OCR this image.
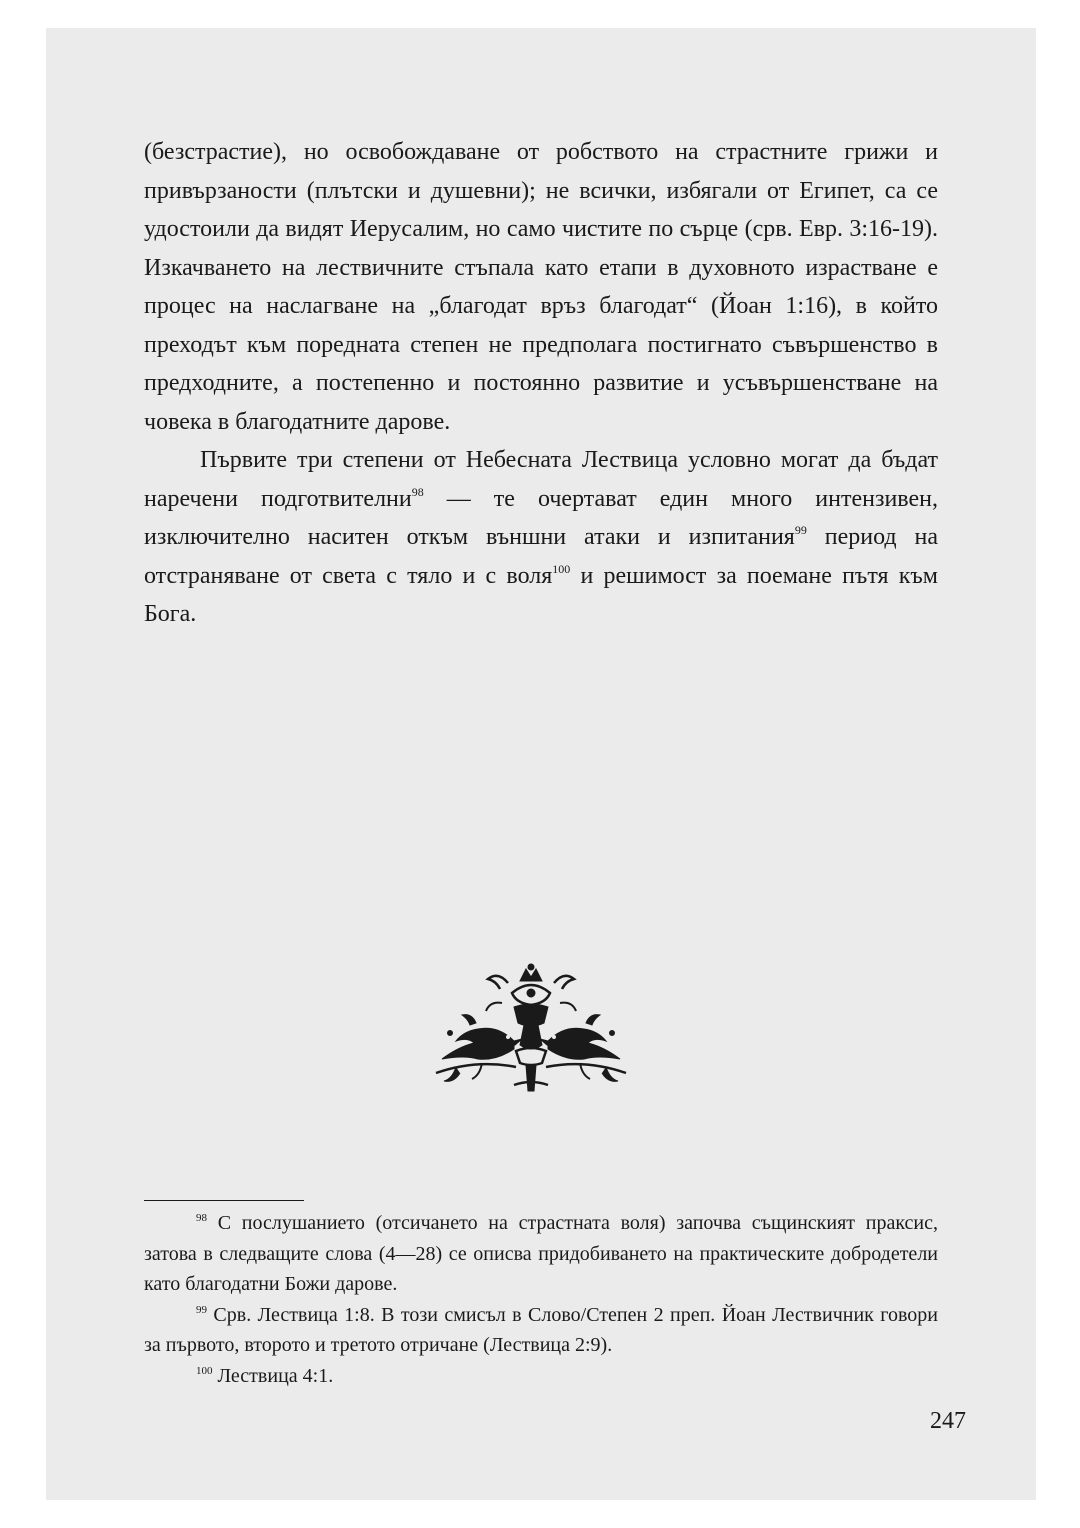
(безстрастие), но освобождаване от робството на страстните грижи и привързаности (плътски и душевни); не всички, избягали от Египет, са се удостоили да видят Иерусалим, но само чистите по сърце (срв. Евр. 3:16-19). Изкачването на лествичните стъпала като етапи в духовното израстване е процес на наслагване на „благодат връз благодат“ (Йоан 1:16), в който преходът към поредната степен не предполага постигнато съвършенство в предходните, а постепенно и постоянно развитие и усъвършенстване на човека в благодатните дарове.

Първите три степени от Небесната Лествица условно могат да бъдат наречени подготвителни$^{98}$ — те очертават един много интензивен, изключително наситен откъм външни атаки и изпитания$^{99}$ период на отстраняване от света с тяло и с воля$^{100}$ и решимост за поемане пътя към Бога.

$^{98}$ С послушанието (отсичането на страстната воля) започва същинският праксис, затова в следващите слова (4—28) се описва придобиването на практическите добродетели като благодатни Божи дарове.

$^{99}$ Срв. Лествица 1:8. В този смисъл в Слово/Степен 2 преп. Йоан Лествичник говори за първото, второто и третото отричане (Лествица 2:9).

$^{100}$ Лествица 4:1.

247
